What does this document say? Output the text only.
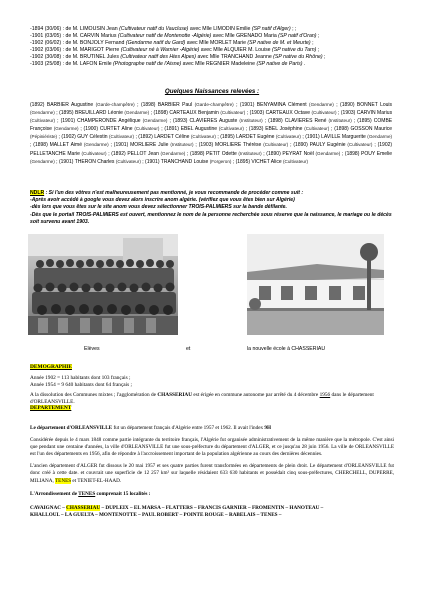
-1894 (30/06) : de M. LIMOUSIN Jean (Cultivateur natif du Vaucluse) avec Mlle LIMODIN Emilie (SP natif d'Alger) ; ;
-1901 (03/05) : de M. CARVIN Marius (Cultivateur natif de Montenotte -Algérie) avec Mlle GRENADO Maria (SP natif d'Oran) ;
-1902 (06/02) : de M. BONJOLY Fernand (Gendarme natif du Gard) avec Mlle MORLET Marie (SP native de M. et Meurte) ;
-1902 (03/06) : de M. MARIGOT Pierre (Cultivateur né à Warnier -Algérie) avec Mlle ALQUIER M. Louise (SP native du Tarn) ;
-1902 (30/08) : de M. BRUTINEL Jules (Cultivateur natif des Htes Alpes) avec Mlle TRANCHAND Jeanne (SP native du Rhône) ;
-1903 (25/08) : de M. LAFON Emile (Photographe natif de l'Aisne) avec Mlle REGNIER Madeleine (SP native de Paris) .
Quelques Naissances relevées :
(1892) BARBIER Augustine (Garde-champêtre) ; (1898) BARBIER Paul (Garde-champêtre) ; (1901) BENYAMINA Clément (Gendarme) ; (1890) BONNET Louis (Gendarme) ; (1895) BREUILLARD Léonie (Gendarme) ; (1898) CARTEAUX Benjamin (Cultivateur) ; (1903) CARTEAUX Octave (Cultivateur) ; (1903) CARVIN Marius (Cultivateur) ; (1901) CHAMPERONDE Angélique (Gendarme) ; (1893) CLAVIERES Auguste (Instituteur) ; (1898) CLAVIERES René (Instituteur) ; (1895) COMBE Françoise (Gendarme) ; (1900) CURTET Aline (Cultivateur) ; (1891) EBEL Augustine (Cultivateur) ; (1893) EBEL Joséphine (Cultivateur) ; (1898) GOSSON Maurice (Pépiniériste) ; (1902) GUY Célestin (Cultivateur) ; (1892) LARDET Céline (Cultivateur) ; (1895) LARDET Eugène (Cultivateur) ; (1901) LAVILLE Marguerite (Gendarme) ; (1898) MALLET Aimé (Gendarme) ; (1901) MORLIERE Julie (Instituteur) ; (1903) MORLIERE Thérèse (Cultivateur) ; (1890) PAULY Eugénie (Cultivateur) ; (1902) PELLETANCHE Marie (Cultivateur) ; (1892) PELLOT Jean (Gendarme) ; (1898) PETIT Odette (Instituteur) ; (1890) PEYRAT Noël (Gendarme) ; (1898) POUY Emelie (Gendarme) ; (1901) THERON Charles (Cultivateur) ; (1901) TRANCHAND Louise (Forgeron) ; (1895) VICHET Alice (Cultivateur)
NDLR : Si l'un des vôtres n'est malheureusement pas mentionné, je vous recommande de procéder comme suit :
-Après avoir accédé à google vous devez alors inscrire anom algérie. (vérifiez que vous êtes bien sur Algérie)
-dès lors que vous êtes sur le site anom vous devez sélectionner TROIS-PALMIERS sur la bande défilante.
-Dès que le portail TROIS-PALMIERS est ouvert, mentionnez le nom de la personne recherchée sous réserve que la naissance, le mariage ou le décès soit survenu avant 1903.
Elèves	et	la nouvelle école à CHASSERIAU
DEMOGRAPHIE

Année 1902 = 113 habitants dont 103 français ;
Année 1954 = 9 640 habitants dont 64 français ;
A la dissolution des Communes mixtes ; l'agglomération de CHASSERIAU est érigée en commune autonome par arrêté du 4 décembre 1956 dans le département d'ORLEANSVILLE.
DEPARTEMENT
Le département d'ORLEANSVILLE fut un département français d'Algérie entre 1957 et 1962. Il avait l'index 9H
Considérée depuis le 4 mars 1848 comme partie intégrante du territoire français, l'Algérie fut organisée administrativement de la même manière que la métropole. C'est ainsi que pendant une centaine d'années, la ville d'ORLEANSVILLE fut une sous-préfecture du département d'ALGER, et ce jusqu'au 28 juin 1956. La ville de ORLEANSVILLE est l'un des départements en 1956, afin de répondre à l'accroissement important de la population algérienne au cours des dernières décennies.
L'ancien département d'ALGER fut dissous le 20 mai 1957 et ses quatre parties furent transformées en départements de plein droit. Le département d'ORLEANSVILLE fut donc créé à cette date. et couvrait une superficie de 12 257 km² sur laquelle résidaient 633 630 habitants et possédait cinq sous-préfectures, CHERCHELL, DUPERRE, MILIANA, TENES et TENIET-EL-HAAD.
L'Arrondissement de TENES comprenait 15 localités :
CAVAIGNAC – CHASSERIAU – DUPLEIX – EL MARSA – FLATTERS – FRANCIS GARNIER – FROMENTIN – HANOTEAU –
KHALLOUL – LA GUELTA – MONTENOTTE – PAUL ROBERT – POINTE ROUGE – RABELAIS – TENES –
